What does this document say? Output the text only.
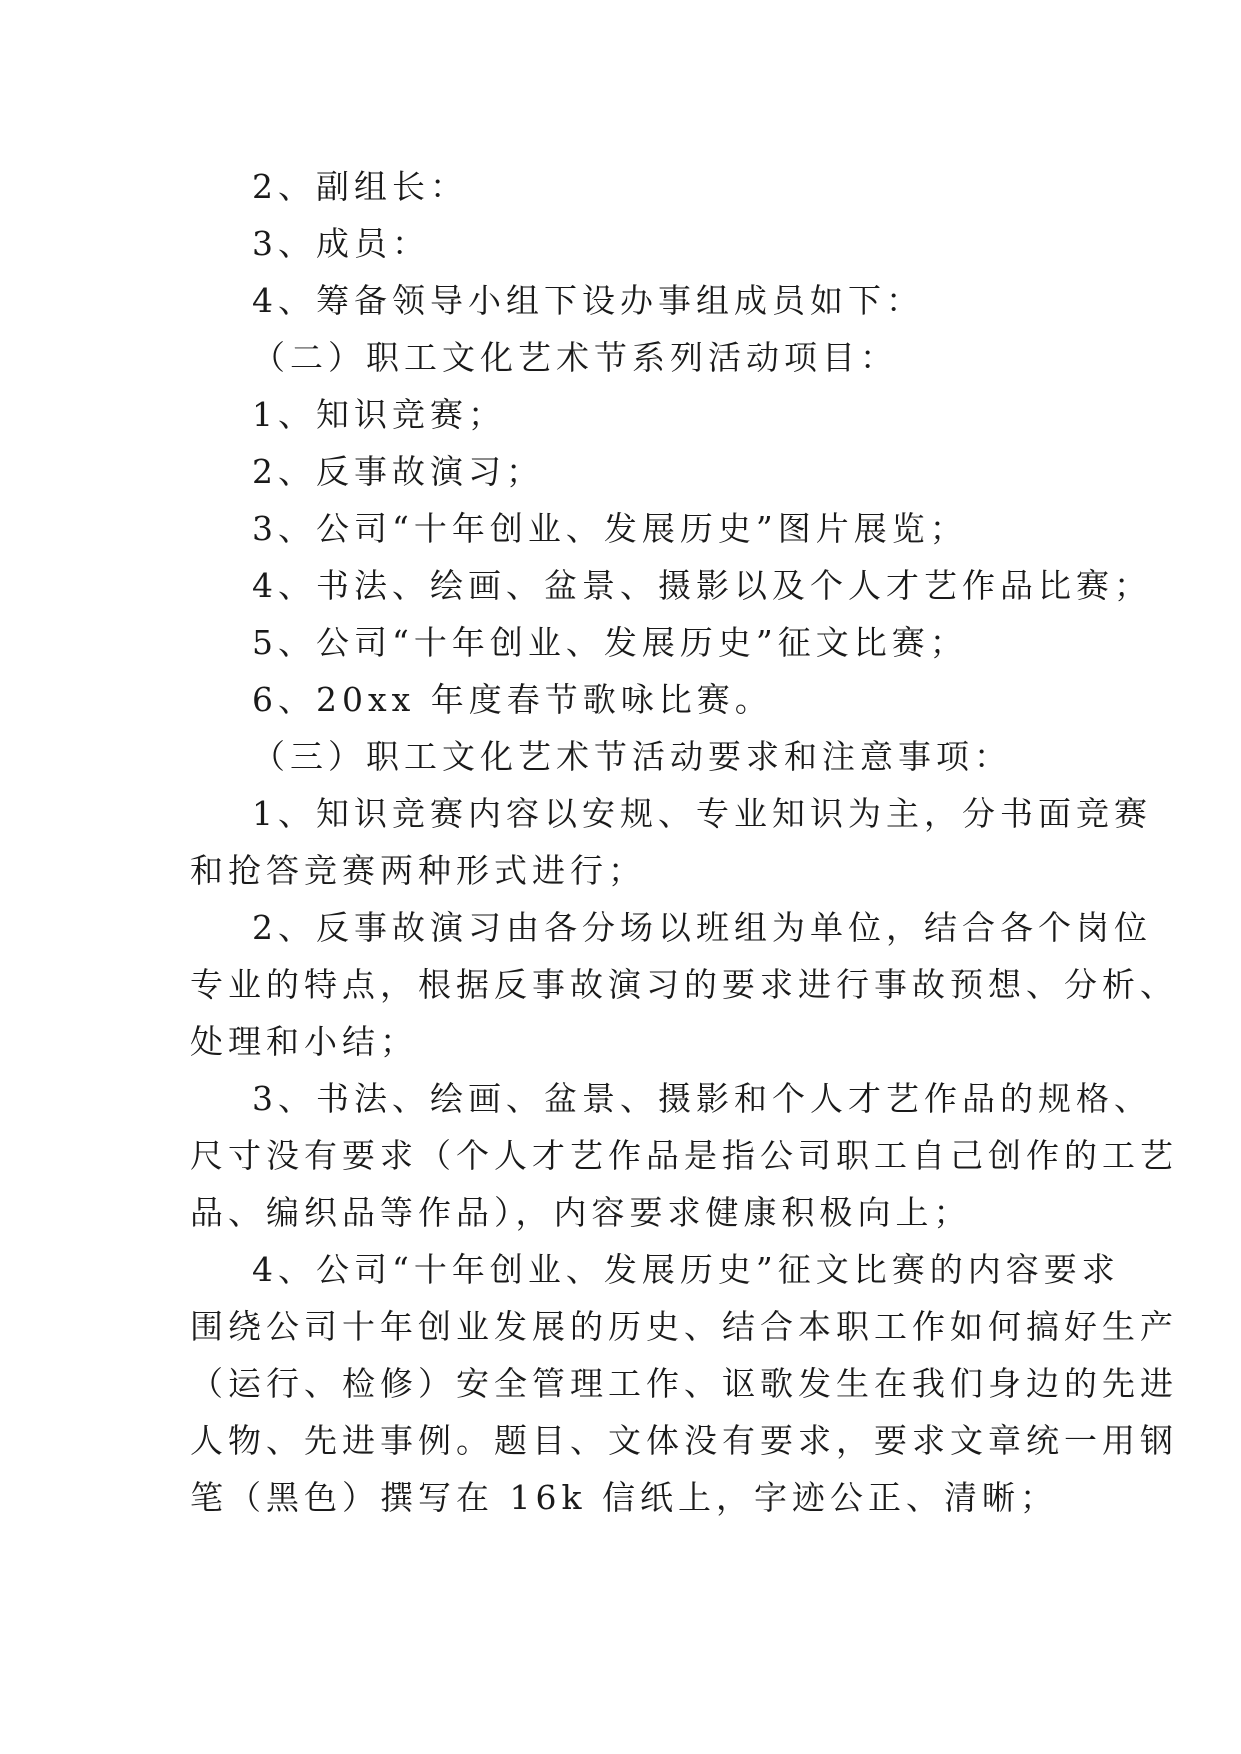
2、副组长：
3、成员：
4、筹备领导小组下设办事组成员如下：
（二）职工文化艺术节系列活动项目：
1、知识竞赛；
2、反事故演习；
3、公司“十年创业、发展历史”图片展览；
4、书法、绘画、盆景、摄影以及个人才艺作品比赛；
5、公司“十年创业、发展历史”征文比赛；
6、20xx 年度春节歌咏比赛。
（三）职工文化艺术节活动要求和注意事项：
1、知识竞赛内容以安规、专业知识为主，分书面竞赛
和抢答竞赛两种形式进行；
2、反事故演习由各分场以班组为单位，结合各个岗位
专业的特点，根据反事故演习的要求进行事故预想、分析、
处理和小结；
3、书法、绘画、盆景、摄影和个人才艺作品的规格、
尺寸没有要求（个人才艺作品是指公司职工自己创作的工艺
品、编织品等作品），内容要求健康积极向上；
4、公司“十年创业、发展历史”征文比赛的内容要求
围绕公司十年创业发展的历史、结合本职工作如何搞好生产
（运行、检修）安全管理工作、讴歌发生在我们身边的先进
人物、先进事例。题目、文体没有要求，要求文章统一用钢
笔（黑色）撰写在 16k 信纸上，字迹公正、清晰；
